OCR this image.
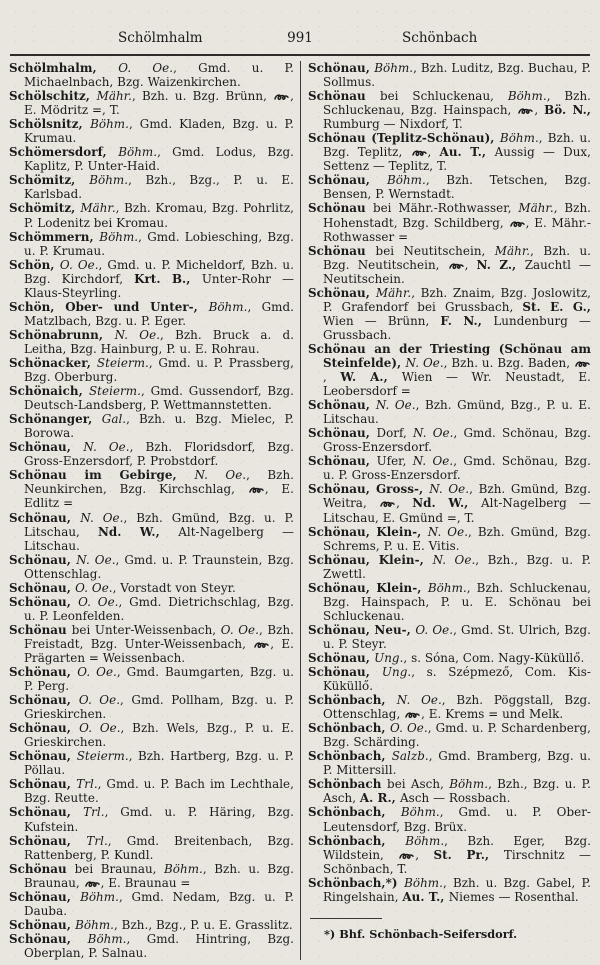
Schölmhalm	991	Schönbach

Schölmhalm, O. Oe., Gmd. u. P. Michaelnbach, Bzg. Waizenkirchen.

Schölschitz, Mähr., Bzh. u. Bzg. Brünn, , E. Mödritz =, T.

Schölsnitz, Böhm., Gmd. Kladen, Bzg. u. P. Krumau.

Schömersdorf, Böhm., Gmd. Lodus, Bzg. Kaplitz, P. Unter-Haid.

Schömitz, Böhm., Bzh., Bzg., P. u. E. Karlsbad.

Schömitz, Mähr., Bzh. Kromau, Bzg. Pohrlitz, P. Lodenitz bei Kromau.

Schömmern, Böhm., Gmd. Lobiesching, Bzg. u. P. Krumau.

Schön, O. Oe., Gmd. u. P. Micheldorf, Bzh. u. Bzg. Kirchdorf, Krt. B., Unter-Rohr — Klaus-Steyrling.

Schön, Ober- und Unter-, Böhm., Gmd. Matzlbach, Bzg. u. P. Eger.

Schönabrunn, N. Oe., Bzh. Bruck a. d. Leitha, Bzg. Hainburg, P. u. E. Rohrau.

Schönacker, Steierm., Gmd. u. P. Prassberg, Bzg. Oberburg.

Schönaich, Steierm., Gmd. Gussendorf, Bzg. Deutsch-Landsberg, P. Wettmannstetten.

Schönanger, Gal., Bzh. u. Bzg. Mielec, P. Borowa.

Schönau, N. Oe., Bzh. Floridsdorf, Bzg. Gross-Enzersdorf, P. Probstdorf.

Schönau im Gebirge, N. Oe., Bzh. Neunkirchen, Bzg. Kirchschlag, , E. Edlitz =

Schönau, N. Oe., Bzh. Gmünd, Bzg. u. P. Litschau, Nd. W., Alt-Nagelberg — Litschau.

Schönau, N. Oe., Gmd. u. P. Traunstein, Bzg. Ottenschlag.

Schönau, O. Oe., Vorstadt von Steyr.

Schönau, O. Oe., Gmd. Dietrichschlag, Bzg. u. P. Leonfelden.

Schönau bei Unter-Weissenbach, O. Oe., Bzh. Freistadt, Bzg. Unter-Weissenbach, , E. Prägarten = Weissenbach.

Schönau, O. Oe., Gmd. Baumgarten, Bzg. u. P. Perg.

Schönau, O. Oe., Gmd. Pollham, Bzg. u. P. Grieskirchen.

Schönau, O. Oe., Bzh. Wels, Bzg., P. u. E. Grieskirchen.

Schönau, Steierm., Bzh. Hartberg, Bzg. u. P. Pöllau.

Schönau, Trl., Gmd. u. P. Bach im Lechthale, Bzg. Reutte.

Schönau, Trl., Gmd. u. P. Häring, Bzg. Kufstein.

Schönau, Trl., Gmd. Breitenbach, Bzg. Rattenberg, P. Kundl.

Schönau bei Braunau, Böhm., Bzh. u. Bzg. Braunau, , E. Braunau =

Schönau, Böhm., Gmd. Nedam, Bzg. u. P. Dauba.

Schönau, Böhm., Bzh., Bzg., P. u. E. Grasslitz.

Schönau, Böhm., Gmd. Hintring, Bzg. Oberplan, P. Salnau.

Schönau, Böhm., Bzh. Luditz, Bzg. Buchau, P. Sollmus.

Schönau bei Schluckenau, Böhm., Bzh. Schluckenau, Bzg. Hainspach, , Bö. N., Rumburg — Nixdorf, T.

Schönau (Teplitz-Schönau), Böhm., Bzh. u. Bzg. Teplitz, , Au. T., Aussig — Dux, Settenz — Teplitz, T.

Schönau, Böhm., Bzh. Tetschen, Bzg. Bensen, P. Wernstadt.

Schönau bei Mähr.-Rothwasser, Mähr., Bzh. Hohenstadt, Bzg. Schildberg, , E. Mähr.-Rothwasser =

Schönau bei Neutitschein, Mähr., Bzh. u. Bzg. Neutitschein, , N. Z., Zauchtl — Neutitschein.

Schönau, Mähr., Bzh. Znaim, Bzg. Joslowitz, P. Grafendorf bei Grussbach, St. E. G., Wien — Brünn, F. N., Lundenburg — Grussbach.

Schönau an der Triesting (Schönau am Steinfelde), N. Oe., Bzh. u. Bzg. Baden, , W. A., Wien — Wr. Neustadt, E. Leobersdorf =

Schönau, N. Oe., Bzh. Gmünd, Bzg., P. u. E. Litschau.

Schönau, Dorf, N. Oe., Gmd. Schönau, Bzg. Gross-Enzersdorf.

Schönau, Ufer, N. Oe., Gmd. Schönau, Bzg. u. P. Gross-Enzersdorf.

Schönau, Gross-, N. Oe., Bzh. Gmünd, Bzg. Weitra, , Nd. W., Alt-Nagelberg — Litschau, E. Gmünd =, T.

Schönau, Klein-, N. Oe., Bzh. Gmünd, Bzg. Schrems, P. u. E. Vitis.

Schönau, Klein-, N. Oe., Bzh., Bzg. u. P. Zwettl.

Schönau, Klein-, Böhm., Bzh. Schluckenau, Bzg. Hainspach, P. u. E. Schönau bei Schluckenau.

Schönau, Neu-, O. Oe., Gmd. St. Ulrich, Bzg. u. P. Steyr.

Schönau, Ung., s. Sóna, Com. Nagy-Küküllő.

Schönau, Ung., s. Szépmező, Com. Kis-Küküllő.

Schönbach, N. Oe., Bzh. Pöggstall, Bzg. Ottenschlag, , E. Krems = und Melk.

Schönbach, O. Oe., Gmd. u. P. Schardenberg, Bzg. Schärding.

Schönbach, Salzb., Gmd. Bramberg, Bzg. u. P. Mittersill.

Schönbach bei Asch, Böhm., Bzh., Bzg. u. P. Asch, A. R., Asch — Rossbach.

Schönbach, Böhm., Gmd. u. P. Ober-Leutensdorf, Bzg. Brüx.

Schönbach, Böhm., Bzh. Eger, Bzg. Wildstein, , St. Pr., Tirschnitz — Schönbach, T.

Schönbach,*) Böhm., Bzh. u. Bzg. Gabel, P. Ringelshain, Au. T., Niemes — Rosenthal.

*) Bhf. Schönbach-Seifersdorf.
